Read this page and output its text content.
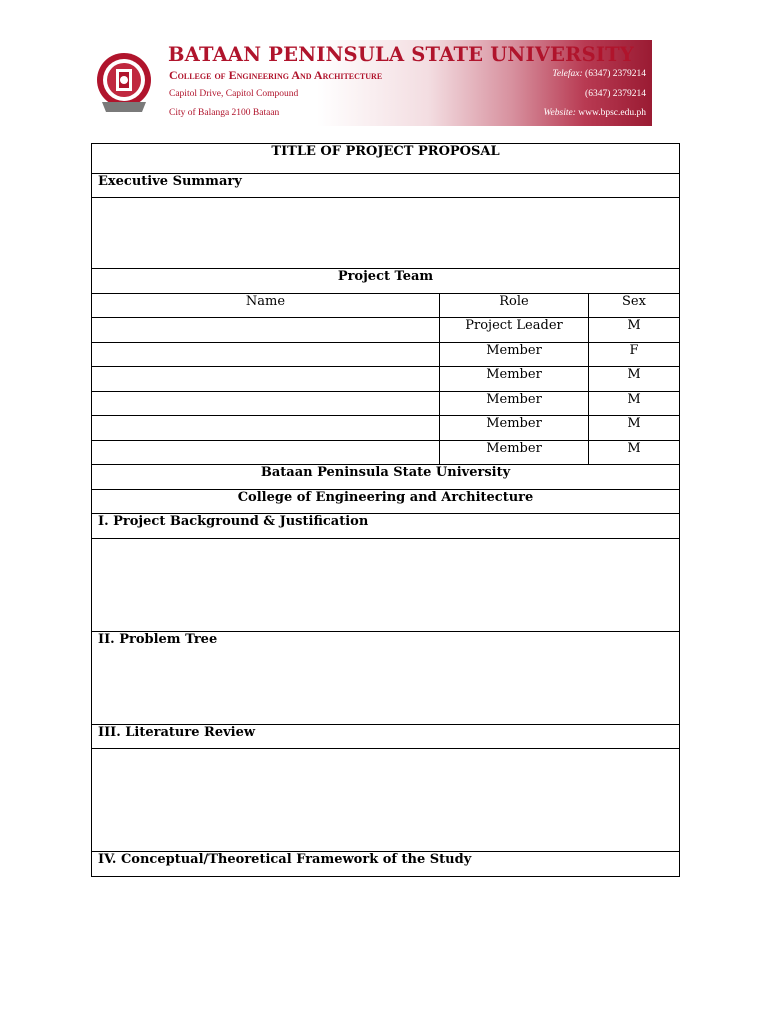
BATAAN PENINSULA STATE UNIVERSITY
College of Engineering And Architecture
Capitol Drive, Capitol Compound
City of Balanga 2100 Bataan
Telefax: (6347) 2379214
(6347) 2379214
Website: www.bpsc.edu.ph
TITLE OF PROJECT PROPOSAL		
Executive Summary		

Project Team		
Name	Role	Sex
	Project Leader	M
	Member	F
	Member	M
	Member	M
	Member	M
	Member	M
Bataan Peninsula State University		
College of Engineering and Architecture		
I. Project Background & Justification		

II. Problem Tree		
III. Literature Review		

IV. Conceptual/Theoretical Framework of the Study		
